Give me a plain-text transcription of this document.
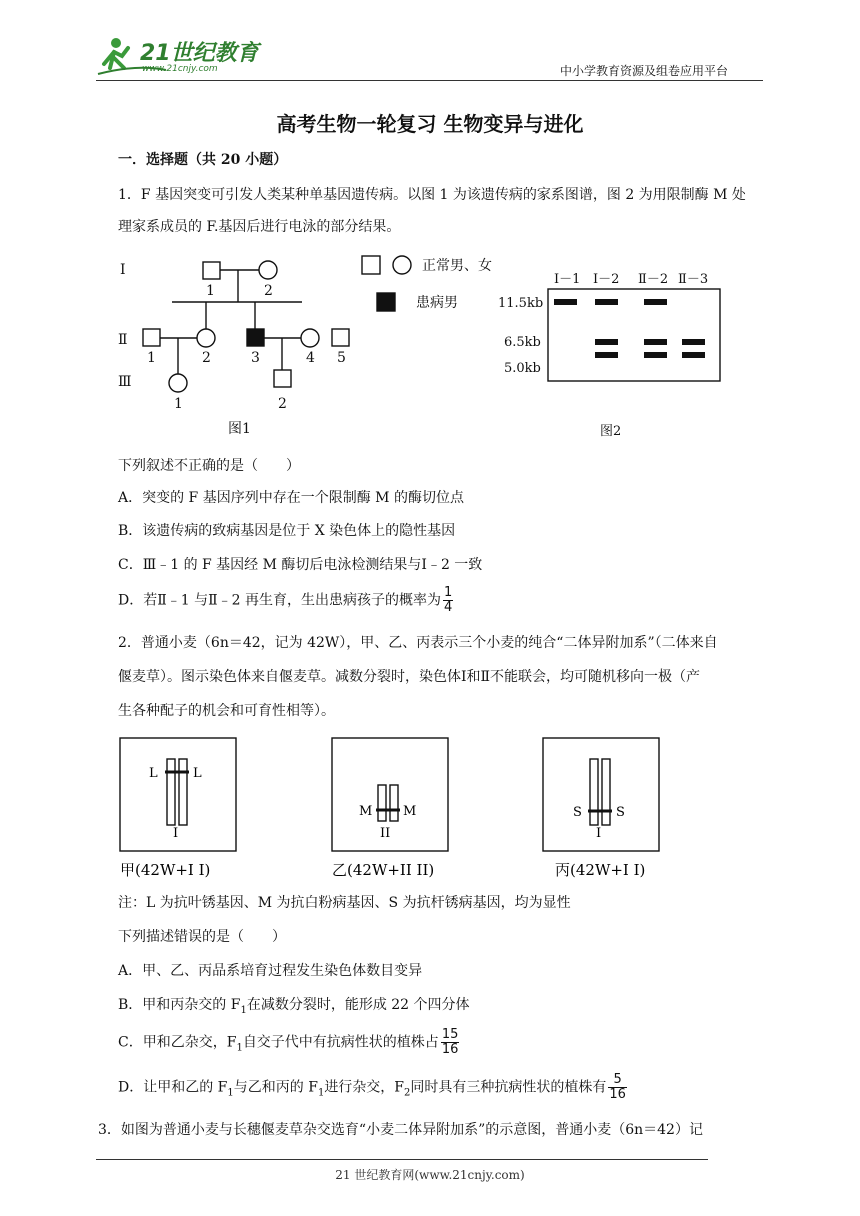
21世纪教育
www.21cnjy.com	中小学教育资源及组卷应用平台
高考生物一轮复习 生物变异与进化
一．选择题（共 20 小题）
1．F 基因突变可引发人类某种单基因遗传病。以图 1 为该遗传病的家系图谱，图 2 为用限制酶 M 处
理家系成员的 F.基因后进行电泳的部分结果。
Ⅰ
Ⅱ
Ⅲ
1	2
1	2	3	4 5
1	2
正常男、女
患病男
图1
Ⅰ－1 Ⅰ－2 Ⅱ－2 Ⅱ－3
11.5kb
6.5kb
5.0kb
图2
下列叙述不正确的是（　　）
A．突变的 F 基因序列中存在一个限制酶 M 的酶切位点
B．该遗传病的致病基因是位于 X 染色体上的隐性基因
C．Ⅲ﹣1 的 F 基因经 M 酶切后电泳检测结果与Ⅰ﹣2 一致
D．若Ⅱ﹣1 与Ⅱ﹣2 再生育，生出患病孩子的概率为 $\frac{1}{4}$
2．普通小麦（6n＝42，记为 42W），甲、乙、丙表示三个小麦的纯合“二体异附加系”（二体来自
偃麦草）。图示染色体来自偃麦草。减数分裂时，染色体Ⅰ和Ⅱ不能联会，均可随机移向一极（产
生各种配子的机会和可育性相等）。
L	L
I
甲(42W+I I)
M M
II
乙(42W+II II)
S	S
I
丙(42W+I I)
注：L 为抗叶锈基因、M 为抗白粉病基因、S 为抗杆锈病基因，均为显性
下列描述错误的是（　　）
A．甲、乙、丙品系培育过程发生染色体数目变异
B．甲和丙杂交的 $F_1$在减数分裂时，能形成 22 个四分体
C．甲和乙杂交，$F_1$自交子代中有抗病性状的植株占 $\frac{15}{16}$
D．让甲和乙的 $F_1$与乙和丙的 $F_1$进行杂交，$F_2$同时具有三种抗病性状的植株有 $\frac{5}{16}$
3．如图为普通小麦与长穗偃麦草杂交选育“小麦二体异附加系”的示意图，普通小麦（6n＝42）记
21 世纪教育网(www.21cnjy.com)
